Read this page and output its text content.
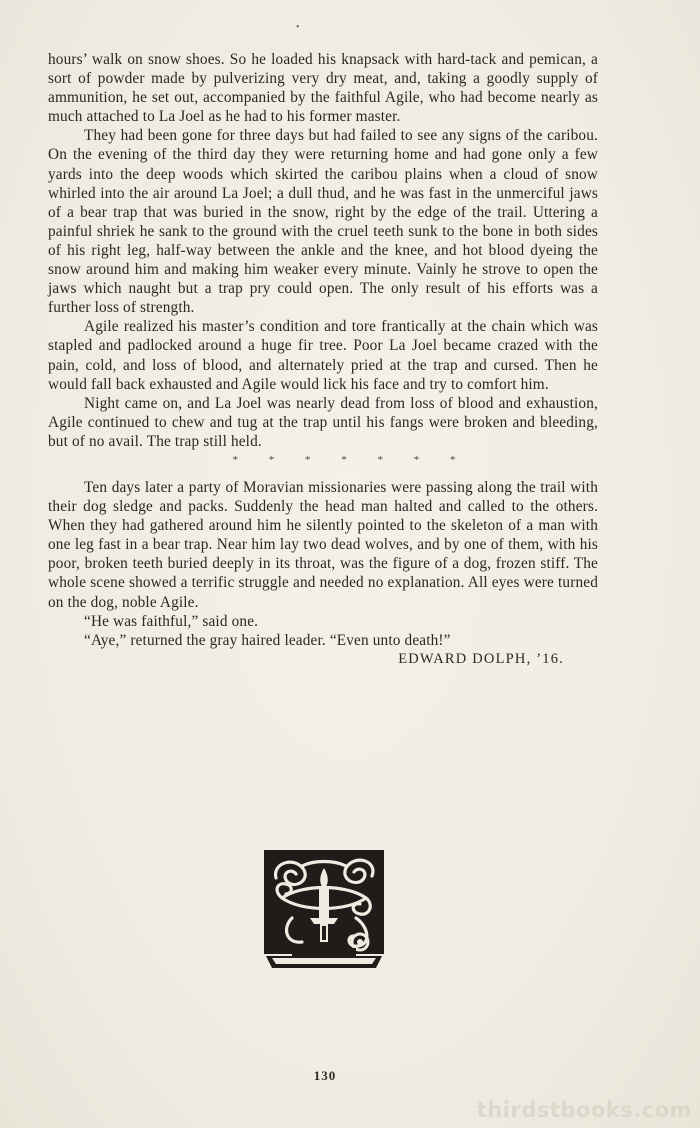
•

hours’ walk on snow shoes. So he loaded his knapsack with hard-tack and pemican, a sort of powder made by pulverizing very dry meat, and, taking a goodly supply of ammunition, he set out, accompanied by the faithful Agile, who had become nearly as much attached to La Joel as he had to his former master.

They had been gone for three days but had failed to see any signs of the caribou. On the evening of the third day they were returning home and had gone only a few yards into the deep woods which skirted the caribou plains when a cloud of snow whirled into the air around La Joel; a dull thud, and he was fast in the unmerciful jaws of a bear trap that was buried in the snow, right by the edge of the trail. Uttering a painful shriek he sank to the ground with the cruel teeth sunk to the bone in both sides of his right leg, half-way between the ankle and the knee, and hot blood dyeing the snow around him and making him weaker every minute. Vainly he strove to open the jaws which naught but a trap pry could open. The only result of his efforts was a further loss of strength.

Agile realized his master’s condition and tore frantically at the chain which was stapled and padlocked around a huge fir tree. Poor La Joel became crazed with the pain, cold, and loss of blood, and alternately pried at the trap and cursed. Then he would fall back exhausted and Agile would lick his face and try to comfort him.

Night came on, and La Joel was nearly dead from loss of blood and exhaustion, Agile continued to chew and tug at the trap until his fangs were broken and bleeding, but of no avail. The trap still held.

* * * * * * *

Ten days later a party of Moravian missionaries were passing along the trail with their dog sledge and packs. Suddenly the head man halted and called to the others. When they had gathered around him he silently pointed to the skeleton of a man with one leg fast in a bear trap. Near him lay two dead wolves, and by one of them, with his poor, broken teeth buried deeply in its throat, was the figure of a dog, frozen stiff. The whole scene showed a terrific struggle and needed no explanation. All eyes were turned on the dog, noble Agile.

“He was faithful,” said one.

“Aye,” returned the gray haired leader. “Even unto death!”

EDWARD DOLPH, ’16.
130
thirdstbooks.com
